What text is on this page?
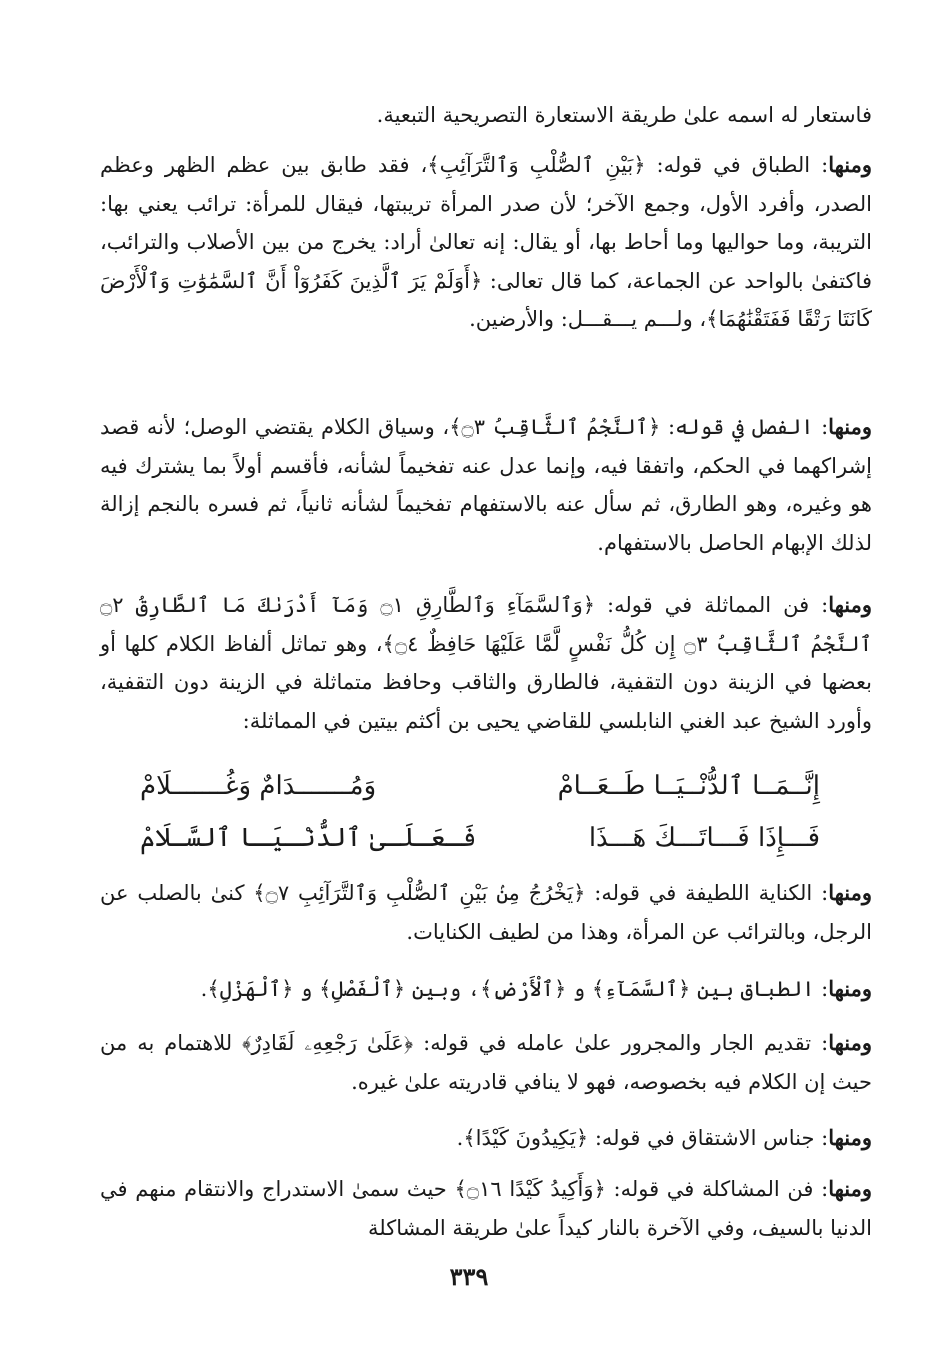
فاستعار له اسمه علىٰ طريقة الاستعارة التصريحية التبعية.

ومنها: الطباق في قوله: ﴿بَيْنِ ٱلصُّلْبِ وَٱلتَّرَآئِبِ﴾، فقد طابق بين عظم الظهر وعظم الصدر، وأفرد الأول، وجمع الآخر؛ لأن صدر المرأة تريبتها، فيقال للمرأة: ترائب يعني بها: التريبة، وما حواليها وما أحاط بها، أو يقال: إنه تعالىٰ أراد: يخرج من بين الأصلاب والترائب، فاكتفىٰ بالواحد عن الجماعة، كما قال تعالى: ﴿أَوَلَمْ يَرَ ٱلَّذِينَ كَفَرُوٓاْ أَنَّ ٱلسَّمَٰوَٰتِ وَٱلْأَرْضَ كَانَتَا رَتْقًا فَفَتَقْنَٰهُمَا﴾، ولـــم يـــقـــل: والأرضين.

ومنها: الفصل في قوله: ﴿ٱلنَّجْمُ ٱلثَّاقِبُ ۝٣﴾، وسياق الكلام يقتضي الوصل؛ لأنه قصد إشراكهما في الحكم، واتفقا فيه، وإنما عدل عنه تفخيماً لشأنه، فأقسم أولاً بما يشترك فيه هو وغيره، وهو الطارق، ثم سأل عنه بالاستفهام تفخيماً لشأنه ثانياً، ثم فسره بالنجم إزالة لذلك الإبهام الحاصل بالاستفهام.

ومنها: فن المماثلة في قوله: ﴿وَٱلسَّمَآءِ وَٱلطَّارِقِ ۝١ وَمَآ أَدْرَىٰكَ مَا ٱلطَّارِقُ ۝٢ ٱلنَّجْمُ ٱلثَّاقِبُ ۝٣ إِن كُلُّ نَفْسٍ لَّمَّا عَلَيْهَا حَافِظٌ ۝٤﴾، وهو تماثل ألفاظ الكلام كلها أو بعضها في الزينة دون التقفية، فالطارق والثاقب وحافظ متماثلة في الزينة دون التقفية، وأورد الشيخ عبد الغني النابلسي للقاضي يحيى بن أكثم بيتين في المماثلة:

إِنَّــمَــا ٱلدُّنْــيَــا طَــعَــامْ
وَمُـــــــدَامٌ وَغُـــــــلَامْ
فَـــإِذَا فَـــاتَـــكَ هَـــذَا
فَـعَـلَـىٰ ٱلدُّنْـيَـا ٱلسَّـلَامْ

ومنها: الكناية اللطيفة في قوله: ﴿يَخْرُجُ مِنۢ بَيْنِ ٱلصُّلْبِ وَٱلتَّرَآئِبِ ۝٧﴾ كنىٰ بالصلب عن الرجل، وبالترائب عن المرأة، وهذا من لطيف الكنايات.

ومنها: الطباق بين ﴿ٱلسَّمَآءِ﴾ و ﴿ٱلْأَرْضِ﴾، وبين ﴿ٱلْفَصْلِ﴾ و ﴿ٱلْهَزْلِ﴾.

ومنها: تقديم الجار والمجرور علىٰ عامله في قوله: ﴿عَلَىٰ رَجْعِهِۦ لَقَادِرٌ﴾ للاهتمام به من حيث إن الكلام فيه بخصوصه، فهو لا ينافي قادريته علىٰ غيره.

ومنها: جناس الاشتقاق في قوله: ﴿يَكِيدُونَ كَيْدًا﴾.

ومنها: فن المشاكلة في قوله: ﴿وَأَكِيدُ كَيْدًا ۝١٦﴾ حيث سمىٰ الاستدراج والانتقام منهم في الدنيا بالسيف، وفي الآخرة بالنار كيداً علىٰ طريقة المشاكلة

٣٣٩
